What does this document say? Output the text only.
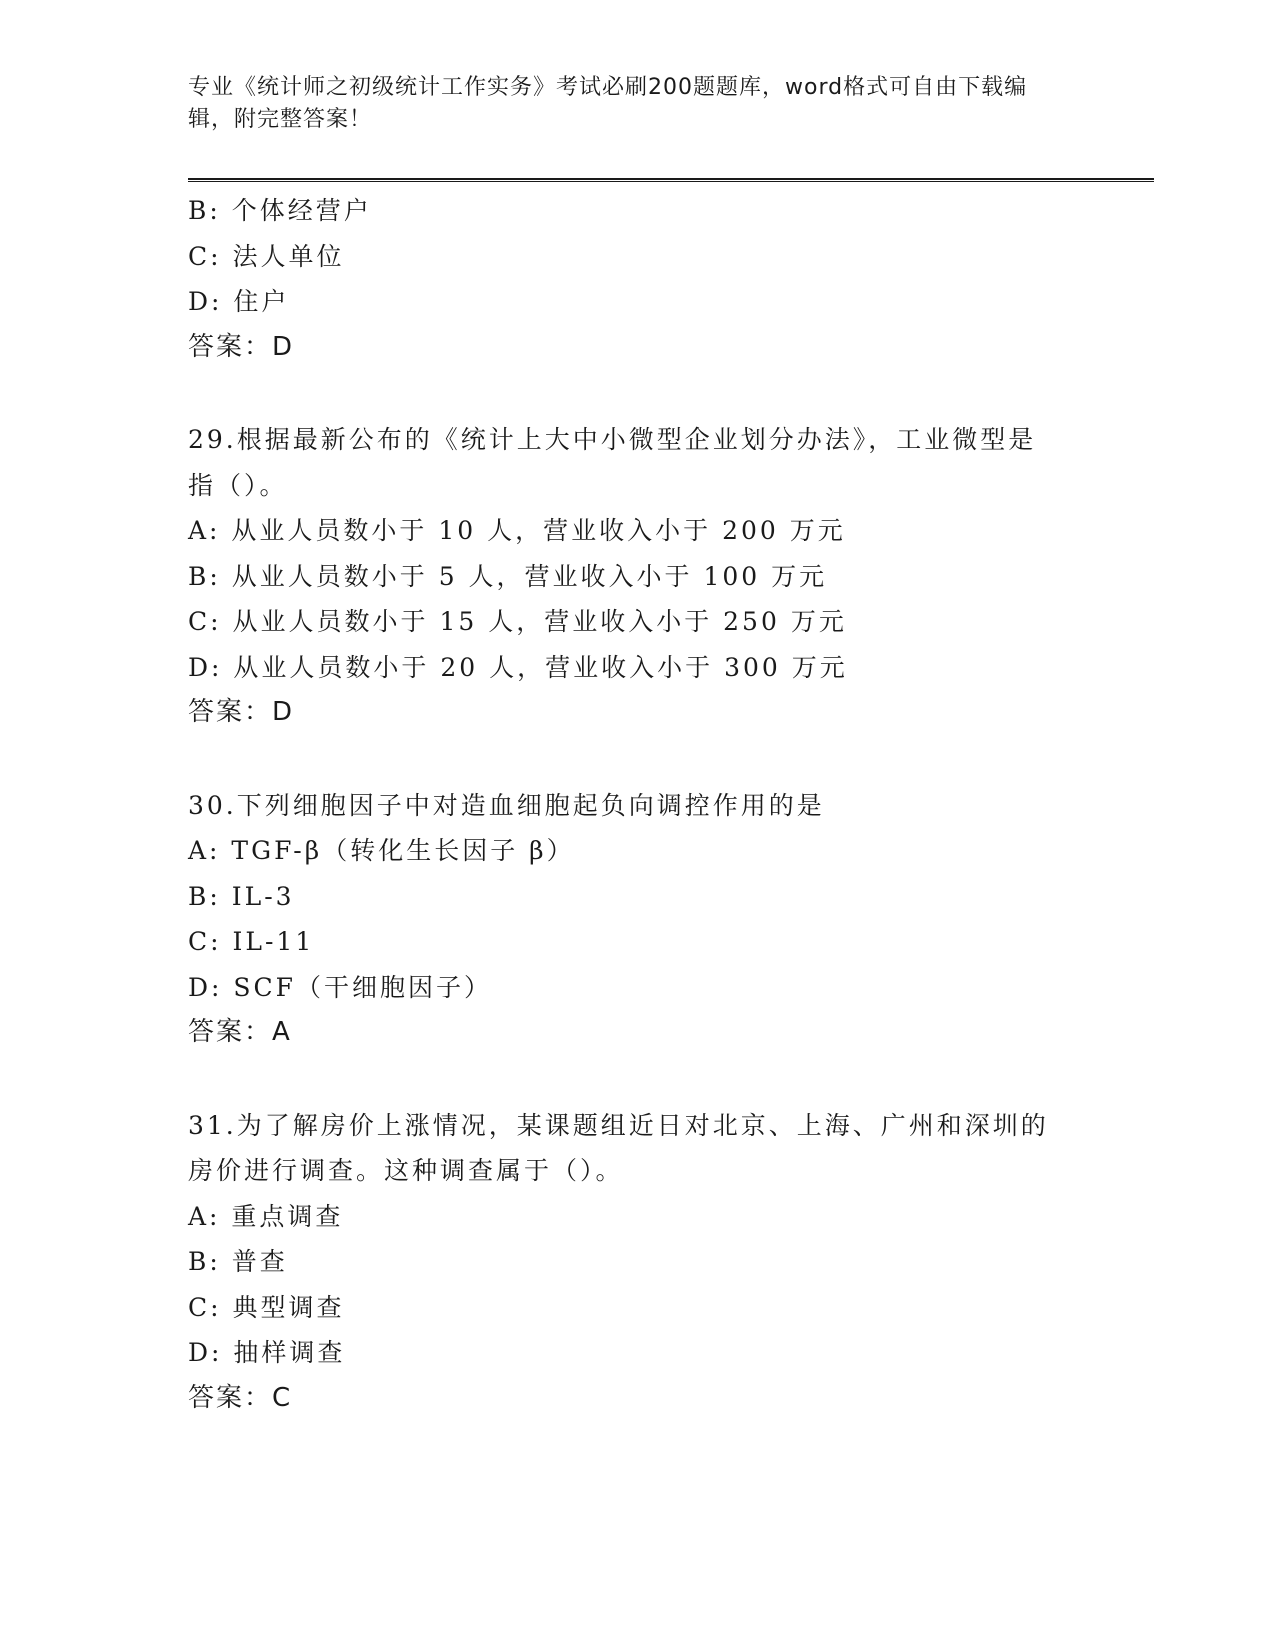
专业《统计师之初级统计工作实务》考试必刷200题题库，word格式可自由下载编辑，附完整答案！
B: 个体经营户
C: 法人单位
D: 住户
答案：D
29.根据最新公布的《统计上大中小微型企业划分办法》，工业微型是
指（）。
A: 从业人员数小于 10 人，营业收入小于 200 万元
B: 从业人员数小于 5 人，营业收入小于 100 万元
C: 从业人员数小于 15 人，营业收入小于 250 万元
D: 从业人员数小于 20 人，营业收入小于 300 万元
答案：D
30.下列细胞因子中对造血细胞起负向调控作用的是
A: TGF-β（转化生长因子 β）
B: IL-3
C: IL-11
D: SCF（干细胞因子）
答案：A
31.为了解房价上涨情况，某课题组近日对北京、上海、广州和深圳的
房价进行调查。这种调查属于（）。
A: 重点调查
B: 普查
C: 典型调查
D: 抽样调查
答案：C
